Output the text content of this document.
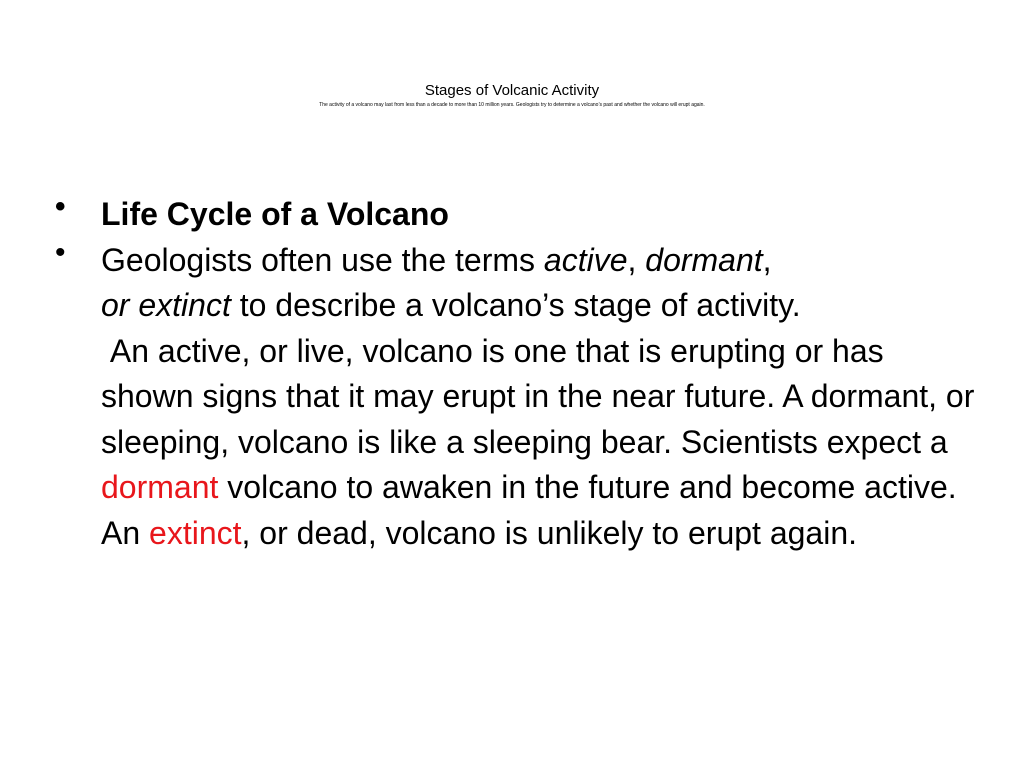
Stages of Volcanic Activity
The activity of a volcano may last from less than a decade to more than 10 million years. Geologists try to determine a volcano’s past and whether the volcano will erupt again.
• Life Cycle of a Volcano
• Geologists often use the terms active, dormant,
or extinct to describe a volcano’s stage of activity.
An active, or live, volcano is one that is erupting or has shown signs that it may erupt in the near future. A dormant, or sleeping, volcano is like a sleeping bear. Scientists expect a dormant volcano to awaken in the future and become active. An extinct, or dead, volcano is unlikely to erupt again.
